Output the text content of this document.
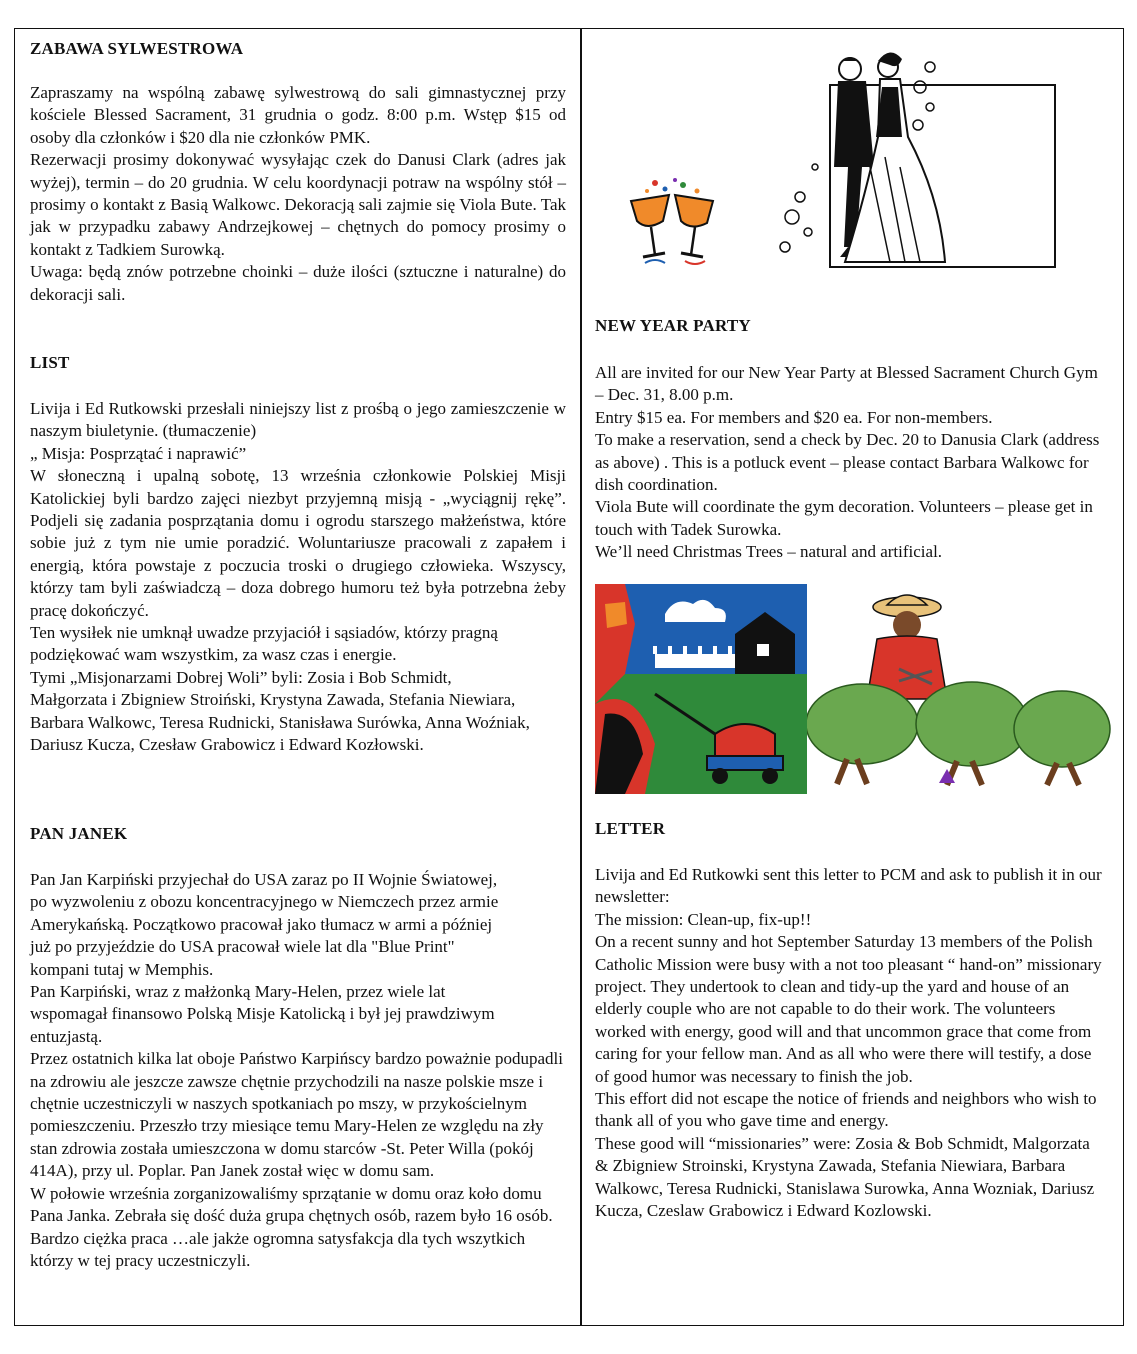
ZABAWA SYLWESTROWA

Zapraszamy na wspólną zabawę sylwestrową do sali gimnastycznej przy kościele Blessed Sacrament, 31 grudnia o godz. 8:00 p.m. Wstęp $15 od osoby dla członków i $20 dla nie członków PMK.

Rezerwacji prosimy dokonywać wysyłając czek do Danusi Clark (adres jak wyżej), termin – do 20 grudnia. W celu koordynacji potraw na wspólny stół – prosimy o kontakt z Basią Walkowc. Dekoracją sali zajmie się Viola Bute. Tak jak w przypadku zabawy Andrzejkowej – chętnych do pomocy prosimy o kontakt z Tadkiem Surowką.

Uwaga: będą znów potrzebne choinki – duże ilości (sztuczne i naturalne) do dekoracji sali.

LIST

Livija i Ed Rutkowski przesłali niniejszy list z prośbą o jego zamieszczenie w naszym biuletynie. (tłumaczenie)

„ Misja: Posprzątać i naprawić”

W słoneczną i upalną sobotę, 13 września członkowie Polskiej Misji Katolickiej byli bardzo zajęci niezbyt przyjemną misją - „wyciągnij rękę”. Podjeli się zadania posprzątania domu i ogrodu starszego małżeństwa, które sobie już z tym nie umie poradzić. Woluntariusze pracowali z zapałem i energią, która powstaje z poczucia troski o drugiego człowieka. Wszyscy, którzy tam byli zaświadczą – doza dobrego humoru też była potrzebna żeby pracę dokończyć.

Ten wysiłek nie umknął uwadze przyjaciół i sąsiadów, którzy pragną podziękować wam wszystkim, za wasz czas i energie.

Tymi „Misjonarzami Dobrej Woli” byli: Zosia i Bob Schmidt, Małgorzata i Zbigniew Stroiński, Krystyna Zawada, Stefania Niewiara, Barbara Walkowc, Teresa Rudnicki, Stanisława Surówka, Anna Woźniak, Dariusz Kucza, Czesław Grabowicz i Edward Kozłowski.

PAN JANEK

Pan Jan Karpiński przyjechał do USA zaraz po II Wojnie Światowej, po wyzwoleniu z obozu koncentracyjnego w Niemczech przez armie Amerykańską. Początkowo pracował jako tłumacz w armi a później już po przyjeździe do USA pracował wiele lat dla "Blue Print" kompani tutaj w Memphis.

Pan Karpiński, wraz z małżonką Mary-Helen, przez wiele lat wspomagał finansowo Polską Misje Katolicką i był jej prawdziwym entuzjastą.

Przez ostatnich kilka lat oboje Państwo Karpińscy bardzo poważnie podupadli na zdrowiu ale jeszcze zawsze chętnie przychodzili na nasze polskie msze i chętnie uczestniczyli w naszych spotkaniach po mszy, w przykościelnym pomieszczeniu. Przeszło trzy miesiące temu Mary-Helen ze względu na zły stan zdrowia została umieszczona w domu starców -St. Peter Willa (pokój 414A), przy ul. Poplar. Pan Janek został więc w domu sam.

W połowie września zorganizowaliśmy sprzątanie w domu oraz koło domu Pana Janka. Zebrała się dość duża grupa chętnych osób, razem było 16 osób. Bardzo ciężka praca …ale jakże ogromna satysfakcja dla tych wszytkich którzy w tej pracy uczestniczyli.

NEW YEAR PARTY

All are invited for our New Year Party at Blessed Sacrament Church Gym – Dec. 31, 8.00 p.m.

Entry $15 ea. For members and $20 ea. For non-members.

To make a reservation, send a check by Dec. 20 to Danusia Clark (address as above) . This is a potluck event – please contact Barbara Walkowc for dish coordination.

Viola Bute will coordinate the gym decoration. Volunteers – please get in touch with Tadek Surowka.

We’ll need Christmas Trees – natural and artificial.

LETTER

Livija and Ed Rutkowki sent this letter to PCM and ask to publish it in our newsletter:

The mission: Clean-up, fix-up!!

On a recent sunny and hot September Saturday 13 members of the Polish Catholic Mission were busy with a not too pleasant “ hand-on” missionary project. They undertook to clean and tidy-up the yard and house of an elderly couple who are not capable to do their work. The volunteers worked with energy, good will and that uncommon grace that come from caring for your fellow man. And as all who were there will testify, a dose of good humor was necessary to finish the job.

This effort did not escape the notice of friends and neighbors who wish to thank all of you who gave time and energy.

These good will “missionaries” were: Zosia & Bob Schmidt, Malgorzata & Zbigniew Stroinski, Krystyna Zawada, Stefania Niewiara, Barbara Walkowc, Teresa Rudnicki, Stanislawa Surowka, Anna Wozniak, Dariusz Kucza, Czeslaw Grabowicz i Edward Kozlowski.
